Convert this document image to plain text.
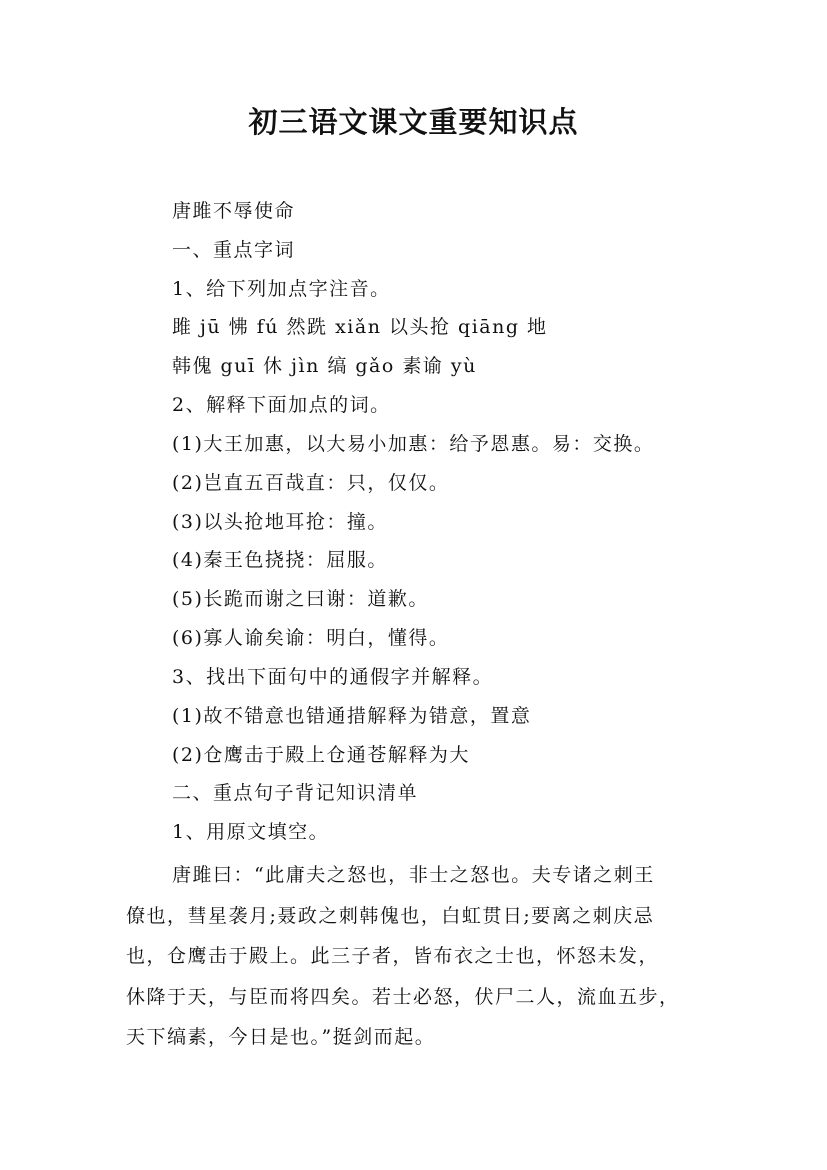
初三语文课文重要知识点
唐雎不辱使命
一、重点字词
1、给下列加点字注音。
雎 jū 怫 fú 然跣 xiǎn 以头抢 qiāng 地
韩傀 guī 休 jìn 缟 gǎo 素谕 yù
2、解释下面加点的词。
(1)大王加惠，以大易小加惠：给予恩惠。易：交换。
(2)岂直五百哉直：只，仅仅。
(3)以头抢地耳抢：撞。
(4)秦王色挠挠：屈服。
(5)长跪而谢之曰谢：道歉。
(6)寡人谕矣谕：明白，懂得。
3、找出下面句中的通假字并解释。
(1)故不错意也错通措解释为错意，置意
(2)仓鹰击于殿上仓通苍解释为大
二、重点句子背记知识清单
1、用原文填空。
唐雎曰：“此庸夫之怒也，非士之怒也。夫专诸之刺王
僚也，彗星袭月;聂政之刺韩傀也，白虹贯日;要离之刺庆忌
也，仓鹰击于殿上。此三子者，皆布衣之士也，怀怒未发，
休降于天，与臣而将四矣。若士必怒，伏尸二人，流血五步，
天下缟素，今日是也。”挺剑而起。
